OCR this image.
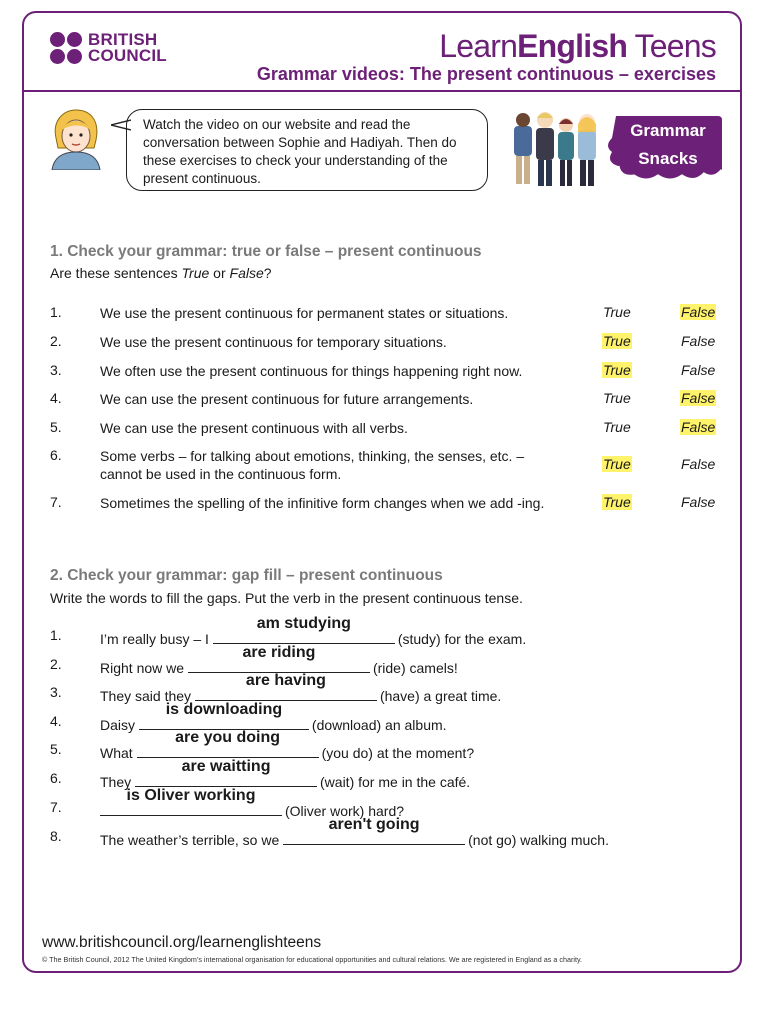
BRITISH
COUNCIL	LearnEnglish Teens
Grammar videos: The present continuous – exercises
Watch the video on our website and read the conversation between Sophie and Hadiyah. Then do these exercises to check your understanding of the present continuous.
Grammar
Snacks
1. Check your grammar: true or false – present continuous
Are these sentences True or False?
1.	We use the present continuous for permanent states or situations.	True	False
2.	We use the present continuous for temporary situations.	True	False
3.	We often use the present continuous for things happening right now.	True	False
4.	We can use the present continuous for future arrangements.	True	False
5.	We can use the present continuous with all verbs.	True	False
6.	Some verbs – for talking about emotions, thinking, the senses, etc. –
cannot be used in the continuous form.
True	False
7.	Sometimes the spelling of the infinitive form changes when we add -ing.	True	False
2. Check your grammar: gap fill – present continuous
Write the words to fill the gaps. Put the verb in the present continuous tense.
1.	I’m really busy – I
am studying
(study) for the exam.
2.	Right now we
are riding
(ride) camels!
3.	They said they
are having
(have) a great time.
4.	Daisy
is downloading
(download) an album.
5.	What
are you doing
(you do) at the moment?
6.	They
are waitting
(wait) for me in the café.
7.
is Oliver working
(Oliver work) hard?
8.	The weather’s terrible, so we
aren't going
(not go) walking much.
www.britishcouncil.org/learnenglishteens
© The British Council, 2012 The United Kingdom’s international organisation for educational opportunities and cultural relations. We are registered in England as a charity.
